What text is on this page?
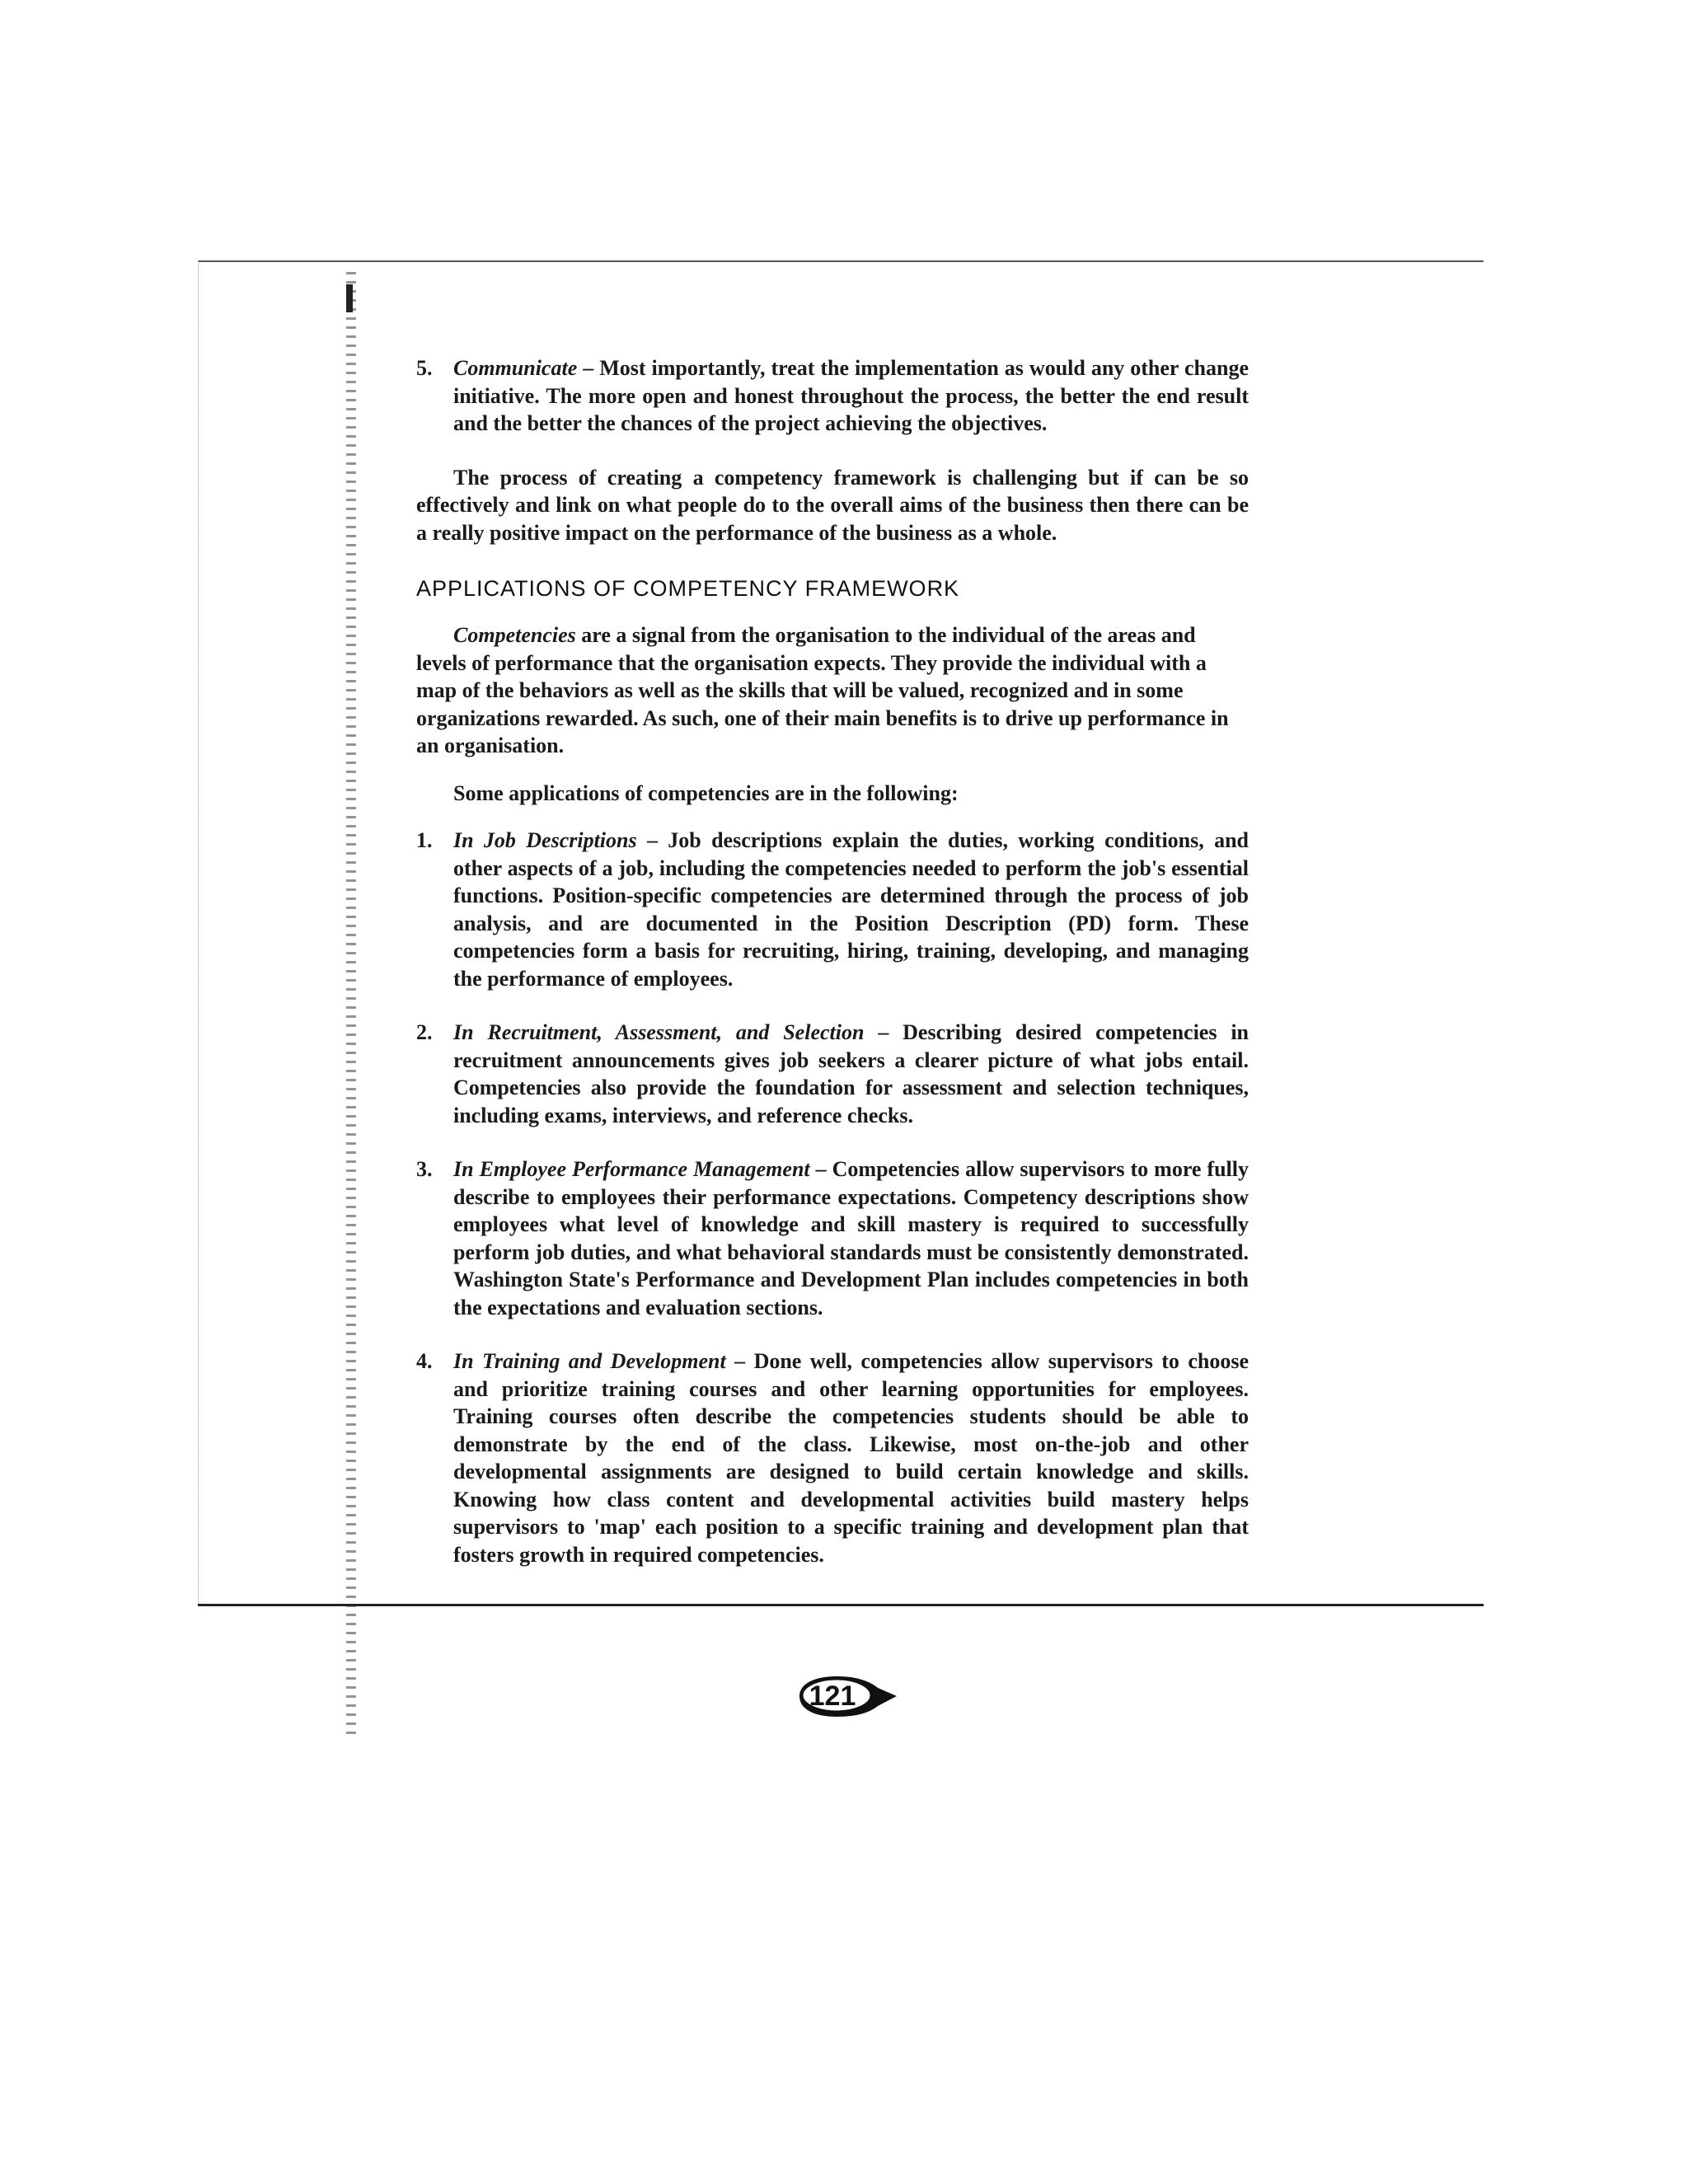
5. Communicate – Most importantly, treat the implementation as would any other change initiative. The more open and honest throughout the process, the better the end result and the better the chances of the project achieving the objectives.

The process of creating a competency framework is challenging but if can be so effectively and link on what people do to the overall aims of the business then there can be a really positive impact on the performance of the business as a whole.

APPLICATIONS OF COMPETENCY FRAMEWORK

Competencies are a signal from the organisation to the individual of the areas and levels of performance that the organisation expects. They provide the individual with a map of the behaviors as well as the skills that will be valued, recognized and in some organizations rewarded. As such, one of their main benefits is to drive up performance in an organisation.

Some applications of competencies are in the following:

1. In Job Descriptions – Job descriptions explain the duties, working conditions, and other aspects of a job, including the competencies needed to perform the job's essential functions. Position-specific competencies are determined through the process of job analysis, and are documented in the Position Description (PD) form. These competencies form a basis for recruiting, hiring, training, developing, and managing the performance of employees.
2. In Recruitment, Assessment, and Selection – Describing desired competencies in recruitment announcements gives job seekers a clearer picture of what jobs entail. Competencies also provide the foundation for assessment and selection techniques, including exams, interviews, and reference checks.
3. In Employee Performance Management – Competencies allow supervisors to more fully describe to employees their performance expectations. Competency descriptions show employees what level of knowledge and skill mastery is required to successfully perform job duties, and what behavioral standards must be consistently demonstrated. Washington State's Performance and Development Plan includes competencies in both the expectations and evaluation sections.
4. In Training and Development – Done well, competencies allow supervisors to choose and prioritize training courses and other learning opportunities for employees. Training courses often describe the competencies students should be able to demonstrate by the end of the class. Likewise, most on-the-job and other developmental assignments are designed to build certain knowledge and skills. Knowing how class content and developmental activities build mastery helps supervisors to 'map' each position to a specific training and development plan that fosters growth in required competencies.
121
